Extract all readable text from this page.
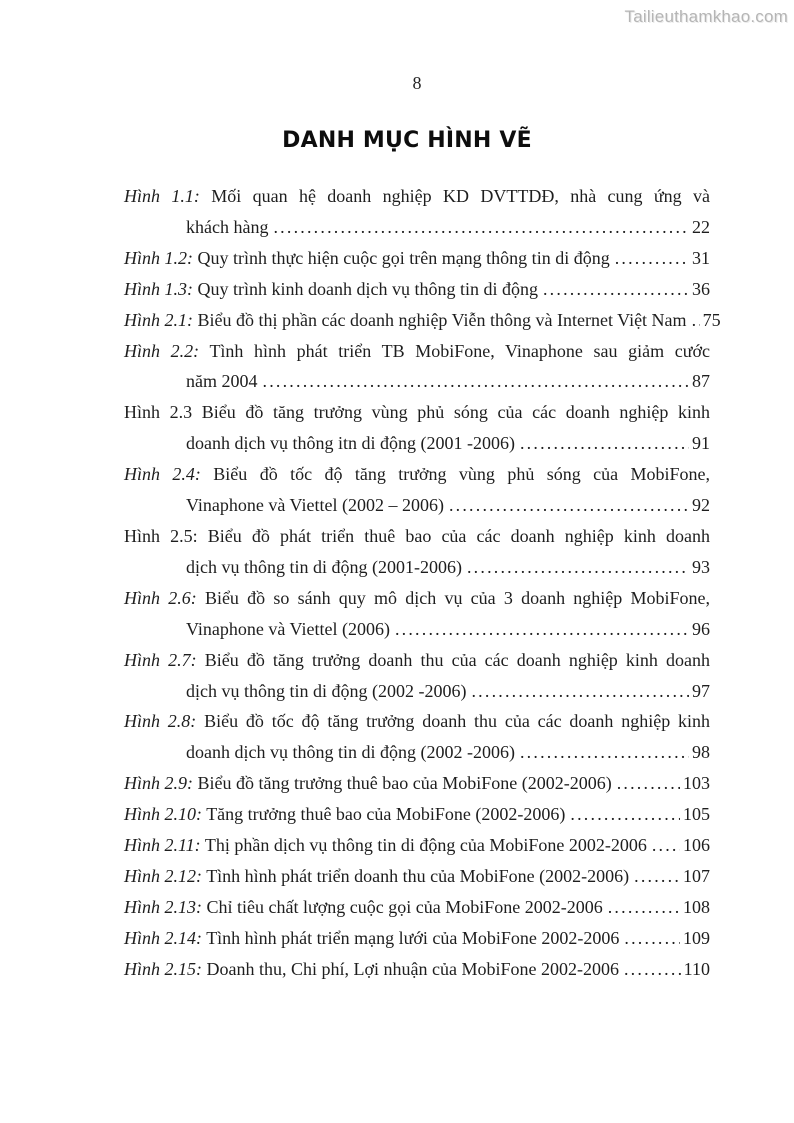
Tailieuthamkhao.com
8
DANH MỤC HÌNH VẼ
Hình 1.1: Mối quan hệ doanh nghiệp KD DVTTDĐ, nhà cung ứng và
khách hàng .....	22
Hình 1.2: Quy trình thực hiện cuộc gọi trên mạng thông tin di động .....	31
Hình 1.3: Quy trình kinh doanh dịch vụ thông tin di động .....	36
Hình 2.1: Biểu đồ thị phần các doanh nghiệp Viễn thông và Internet Việt Nam ..... 75
Hình 2.2: Tình hình phát triển TB MobiFone, Vinaphone sau giảm cước
năm 2004 .....	87
Hình 2.3 Biểu đồ tăng trưởng vùng phủ sóng của các doanh nghiệp kinh
doanh dịch vụ thông itn di động (2001 -2006) .....	91
Hình 2.4: Biểu đồ tốc độ tăng trưởng vùng phủ sóng của MobiFone,
Vinaphone và Viettel (2002 – 2006) .....	92
Hình 2.5: Biểu đồ phát triển thuê bao của các doanh nghiệp kinh doanh
dịch vụ thông tin di động (2001-2006) .....	93
Hình 2.6: Biểu đồ so sánh quy mô dịch vụ của 3 doanh nghiệp MobiFone,
Vinaphone và Viettel (2006) .....	96
Hình 2.7: Biểu đồ tăng trưởng doanh thu của các doanh nghiệp kinh doanh
dịch vụ thông tin di động (2002 -2006) .....	97
Hình 2.8: Biểu đồ tốc độ tăng trưởng doanh thu của các doanh nghiệp kinh
doanh dịch vụ thông tin di động (2002 -2006) .....	98
Hình 2.9: Biểu đồ tăng trưởng thuê bao của MobiFone (2002-2006) .....	103
Hình 2.10: Tăng trưởng thuê bao của MobiFone (2002-2006) .....	105
Hình 2.11: Thị phần dịch vụ thông tin di động của MobiFone 2002-2006 ..... 106
Hình 2.12: Tình hình phát triển doanh thu của MobiFone (2002-2006) .....	107
Hình 2.13: Chỉ tiêu chất lượng cuộc gọi của MobiFone 2002-2006 .....	108
Hình 2.14: Tình hình phát triển mạng lưới của MobiFone 2002-2006 .....	109
Hình 2.15: Doanh thu, Chi phí, Lợi nhuận của MobiFone 2002-2006 .....	110
